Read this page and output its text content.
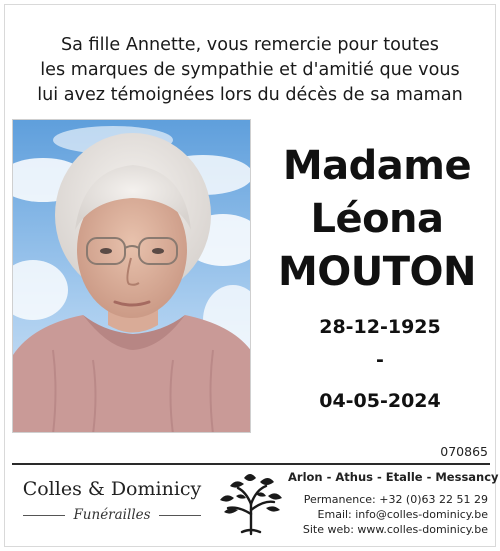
Sa fille Annette, vous remercie pour toutes
les marques de sympathie et d'amitié que vous
lui avez témoignées lors du décès de sa maman
Madame
Léona
MOUTON
28-12-1925
-
04-05-2024
070865
Colles & Dominicy
Funérailles
Arlon - Athus - Etalle - Messancy
Permanence: +32 (0)63 22 51 29
Email: info@colles-dominicy.be
Site web: www.colles-dominicy.be
